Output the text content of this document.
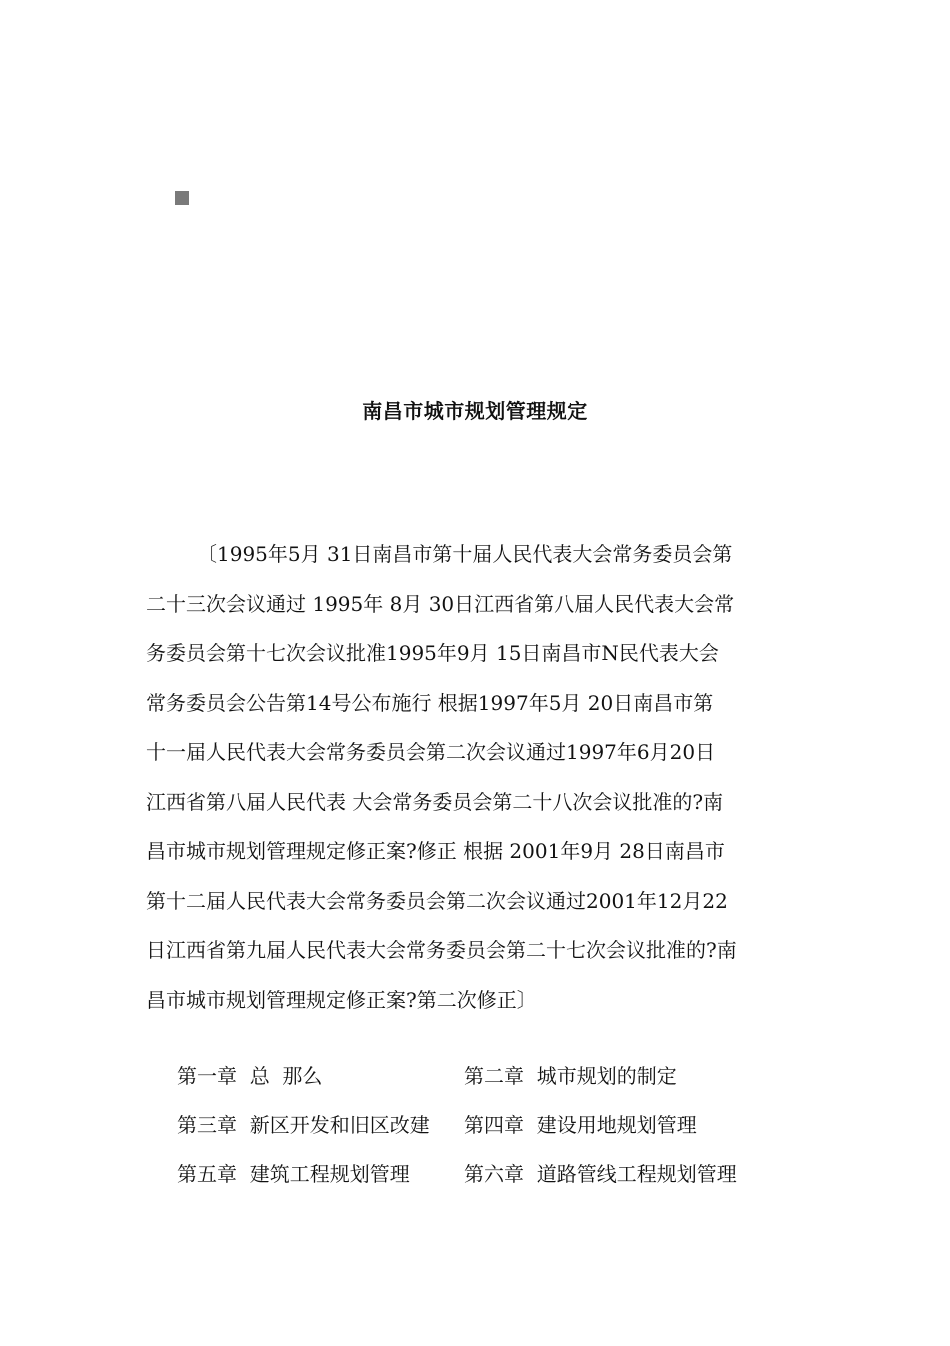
南昌市城市规划管理规定
〔1995年5月 31日南昌市第十届人民代表大会常务委员会第
二十三次会议通过 1995年 8月 30日江西省第八届人民代表大会常
务委员会第十七次会议批准1995年9月 15日南昌市N民代表大会
常务委员会公告第14号公布施行 根据1997年5月 20日南昌市第
十一届人民代表大会常务委员会第二次会议通过1997年6月20日
江西省第八届人民代表 大会常务委员会第二十八次会议批准的?南
昌市城市规划管理规定修正案?修正 根据 2001年9月 28日南昌市
第十二届人民代表大会常务委员会第二次会议通过2001年12月22
日江西省第九届人民代表大会常务委员会第二十七次会议批准的?南
昌市城市规划管理规定修正案?第二次修正〕

第一章  总  那么

	第二章  城市规划的制定

第三章  新区开发和旧区改建

第四章  建设用地规划管理

第五章  建筑工程规划管理

	第六章  道路管线工程规划管理
